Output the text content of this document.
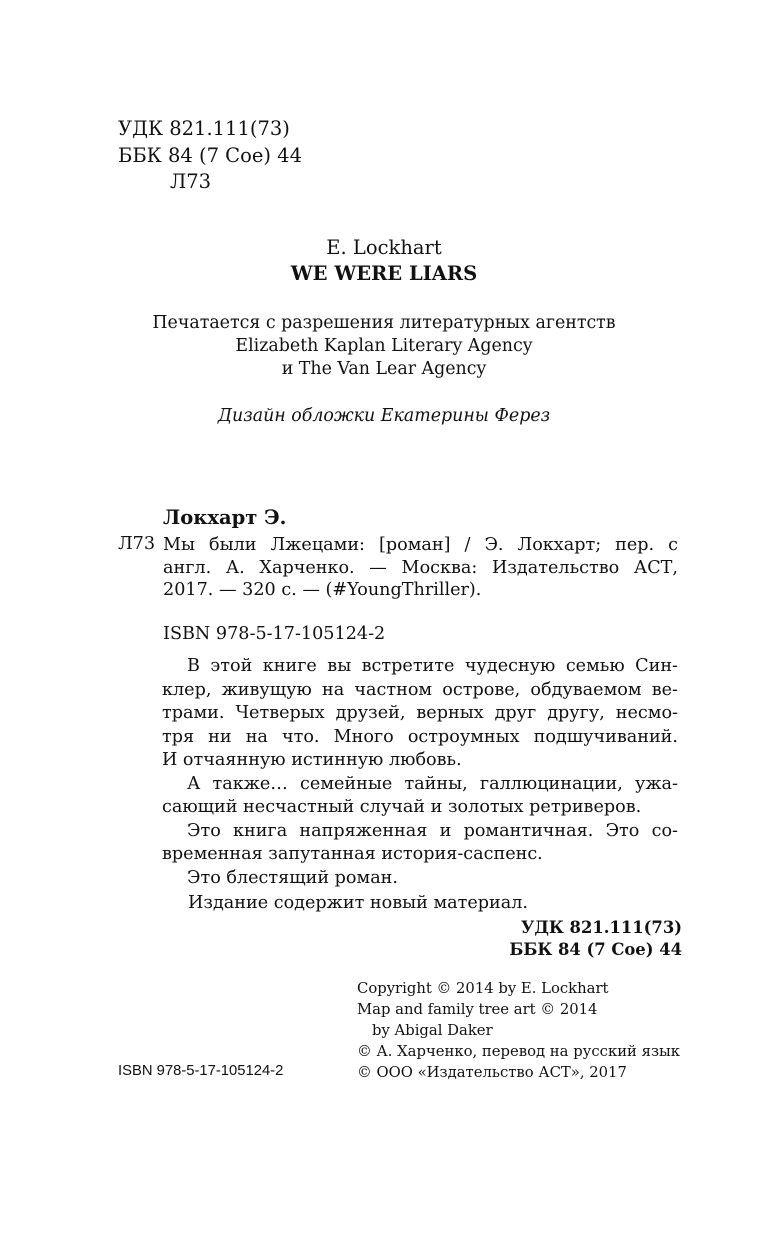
УДК 821.111(73)
ББК 84 (7 Сое) 44
Л73
E. Lockhart
WE WERE LIARS
Печатается с разрешения литературных агентств
Elizabeth Kaplan Literary Agency
и The Van Lear Agency
Дизайн обложки Екатерины Ферез
Локхарт Э.
Л73 Мы были Лжецами: [роман] / Э. Локхарт; пер. с
англ. А. Харченко. — Москва: Издательство АСТ,
2017. — 320 с. — (#YoungThriller).
ISBN 978-5-17-105124-2
В этой книге вы встретите чудесную семью Син-
клер, живущую на частном острове, обдуваемом ве-
трами. Четверых друзей, верных друг другу, несмо-
тря ни на что. Много остроумных подшучиваний.
И отчаянную истинную любовь.
А также… семейные тайны, галлюцинации, ужа-
сающий несчастный случай и золотых ретриверов.
Это книга напряженная и романтичная. Это со-
временная запутанная история-саспенс.
Это блестящий роман.
Издание содержит новый материал.
УДК 821.111(73)
ББК 84 (7 Сое) 44
Copyright © 2014 by E. Lockhart
Map and family tree art © 2014
by Abigal Daker
© А. Харченко, перевод на русский язык
© ООО «Издательство АСТ», 2017
ISBN 978-5-17-105124-2
